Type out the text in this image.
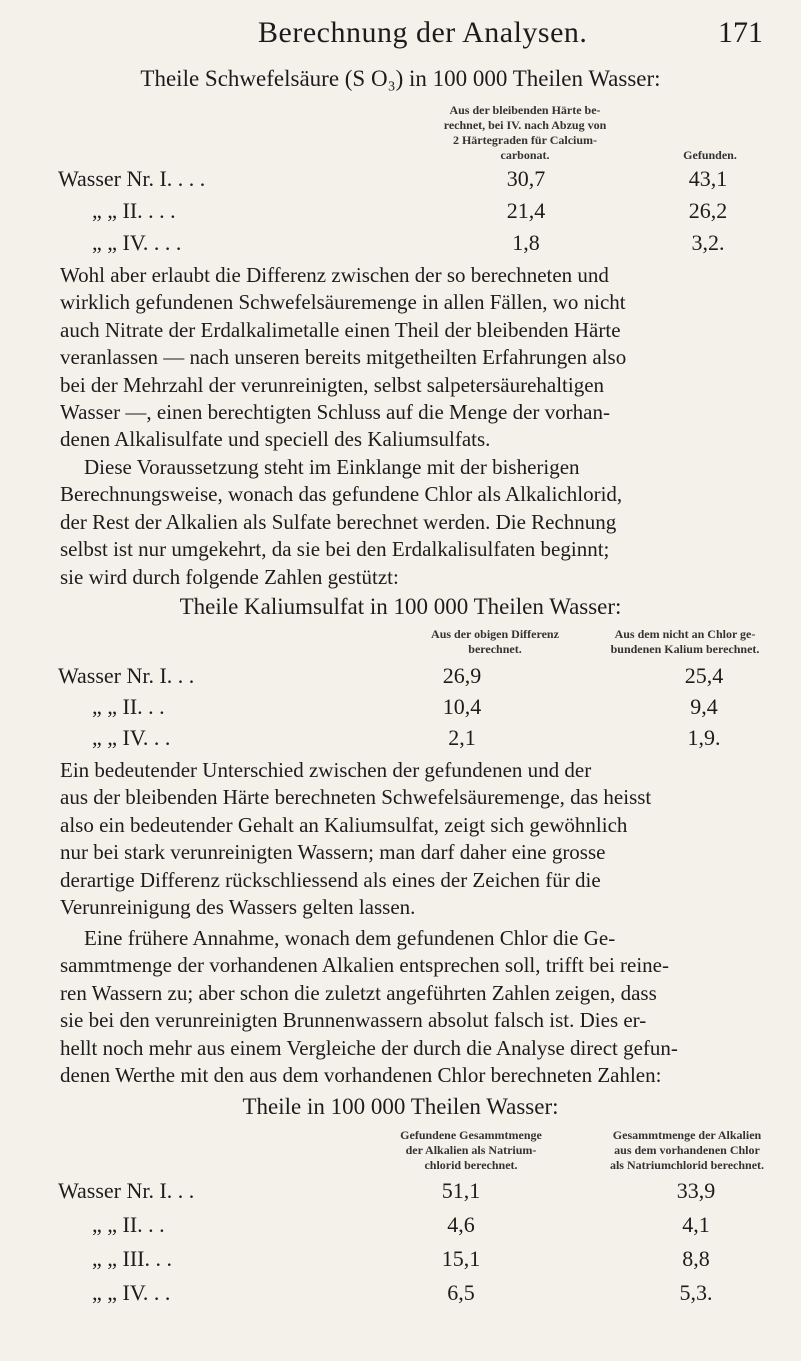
Berechnung der Analysen.	171
Theile Schwefelsäure (S O₃) in 100 000 Theilen Wasser:
Aus der bleibenden Härte be-
rechnet, bei IV. nach Abzug von
2 Härtegraden für Calcium-
carbonat.	Gefunden.
Wasser Nr. I. . . .	30,7	43,1
„ „ II. . . .	21,4	26,2
„ „ IV. . . .	1,8	3,2.
Wohl aber erlaubt die Differenz zwischen der so berechneten und
wirklich gefundenen Schwefelsäuremenge in allen Fällen, wo nicht
auch Nitrate der Erdalkalimetalle einen Theil der bleibenden Härte
veranlassen — nach unseren bereits mitgetheilten Erfahrungen also
bei der Mehrzahl der verunreinigten, selbst salpetersäurehaltigen
Wasser —, einen berechtigten Schluss auf die Menge der vorhan-
denen Alkalisulfate und speciell des Kaliumsulfats.
Diese Voraussetzung steht im Einklange mit der bisherigen
Berechnungsweise, wonach das gefundene Chlor als Alkalichlorid,
der Rest der Alkalien als Sulfate berechnet werden. Die Rechnung
selbst ist nur umgekehrt, da sie bei den Erdalkalisulfaten beginnt;
sie wird durch folgende Zahlen gestützt:
Theile Kaliumsulfat in 100 000 Theilen Wasser:
Aus der obigen Differenz
berechnet.
Aus dem nicht an Chlor ge-
bundenen Kalium berechnet.
Wasser Nr. I. . .	26,9	25,4
„ „ II. . .	10,4	9,4
„ „ IV. . .	2,1	1,9.
Ein bedeutender Unterschied zwischen der gefundenen und der
aus der bleibenden Härte berechneten Schwefelsäuremenge, das heisst
also ein bedeutender Gehalt an Kaliumsulfat, zeigt sich gewöhnlich
nur bei stark verunreinigten Wassern; man darf daher eine grosse
derartige Differenz rückschliessend als eines der Zeichen für die
Verunreinigung des Wassers gelten lassen.
Eine frühere Annahme, wonach dem gefundenen Chlor die Ge-
sammtmenge der vorhandenen Alkalien entsprechen soll, trifft bei reine-
ren Wassern zu; aber schon die zuletzt angeführten Zahlen zeigen, dass
sie bei den verunreinigten Brunnenwassern absolut falsch ist. Dies er-
hellt noch mehr aus einem Vergleiche der durch die Analyse direct gefun-
denen Werthe mit den aus dem vorhandenen Chlor berechneten Zahlen:
Theile in 100 000 Theilen Wasser:
Gefundene Gesammtmenge
der Alkalien als Natrium-
chlorid berechnet.
Gesammtmenge der Alkalien
aus dem vorhandenen Chlor
als Natriumchlorid berechnet.
Wasser Nr. I. . .	51,1	33,9
„ „ II. . .	4,6	4,1
„ „ III. . .	15,1	8,8
„ „ IV. . .	6,5	5,3.
